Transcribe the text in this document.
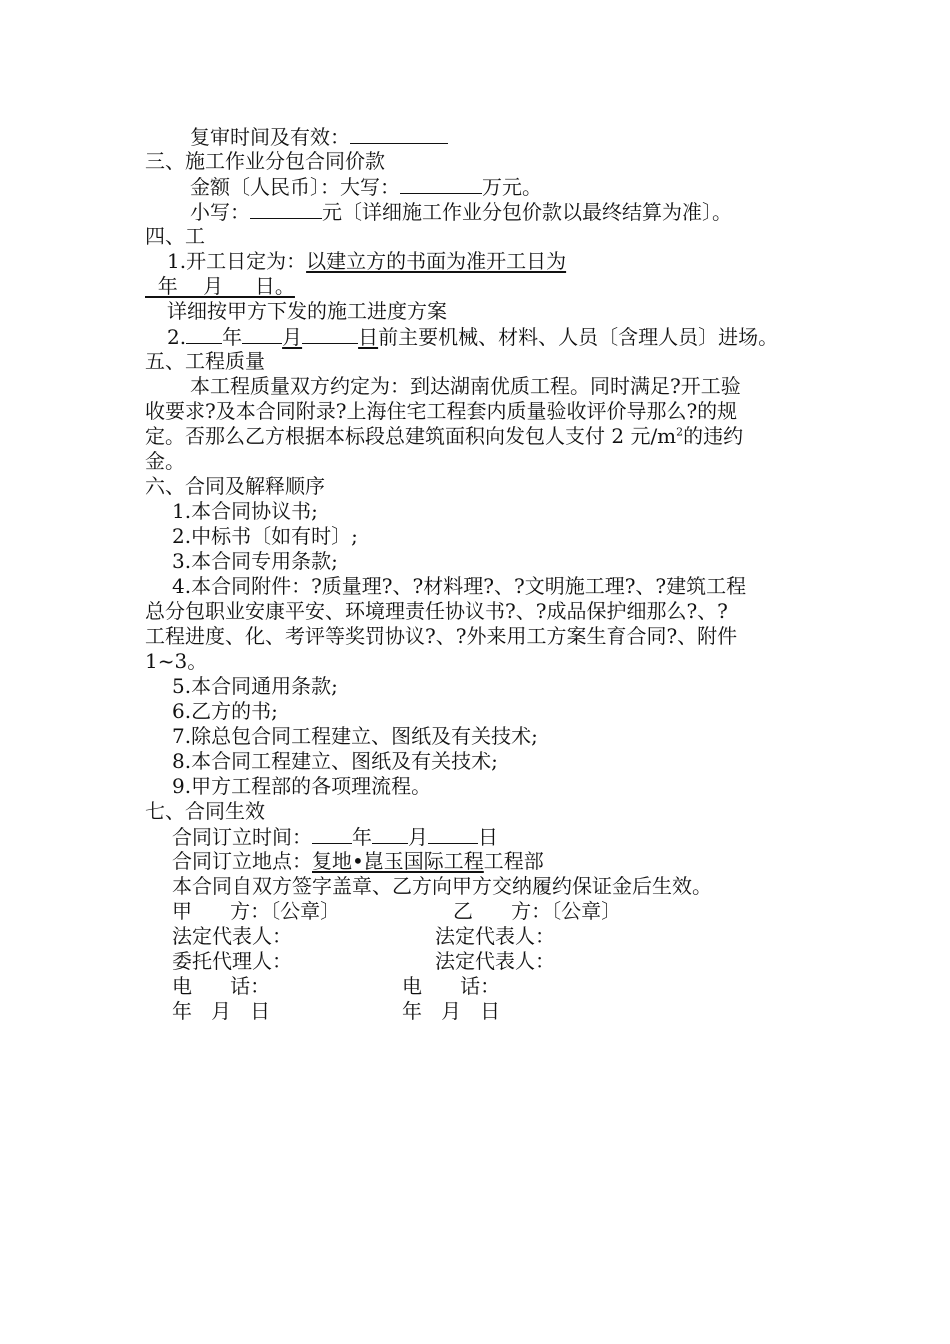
复审时间及有效：
三、施工作业分包合同价款
金额〔人民币〕：大写：	万元。
小写：	元〔详细施工作业分包价款以最终结算为准〕。
四、工
1.开工日定为：以建立方的书面为准开工日为
年    月     日。
详细按甲方下发的施工进度方案
2. 年 月	日前主要机械、材料、人员〔含理人员〕进场。
五、工程质量
本工程质量双方约定为：到达湖南优质工程。同时满足?开工验
收要求?及本合同附录?上海住宅工程套内质量验收评价导那么?的规
定。否那么乙方根据本标段总建筑面积向发包人支付 2 元$/m^2$的违约
金。
六、合同及解释顺序
1.本合同协议书;
2.中标书〔如有时〕;
3.本合同专用条款;
4.本合同附件：?质量理?、?材料理?、?文明施工理?、?建筑工程
总分包职业安康平安、环境理责任协议书?、?成品保护细那么?、?
工程进度、化、考评等奖罚协议?、?外来用工方案生育合同?、附件
1~3。
5.本合同通用条款;
6.乙方的书;
7.除总包合同工程建立、图纸及有关技术;
8.本合同工程建立、图纸及有关技术;
9.甲方工程部的各项理流程。
七、合同生效
合同订立时间： 年 月	日
合同订立地点：复地•崑玉国际工程工程部
本合同自双方签字盖章、乙方向甲方交纳履约保证金后生效。
甲      方：〔公章〕	乙      方：〔公章〕
法定代表人：	法定代表人：
委托代理人：	法定代表人：
电      话：	电      话：
年   月   日	年   月   日
